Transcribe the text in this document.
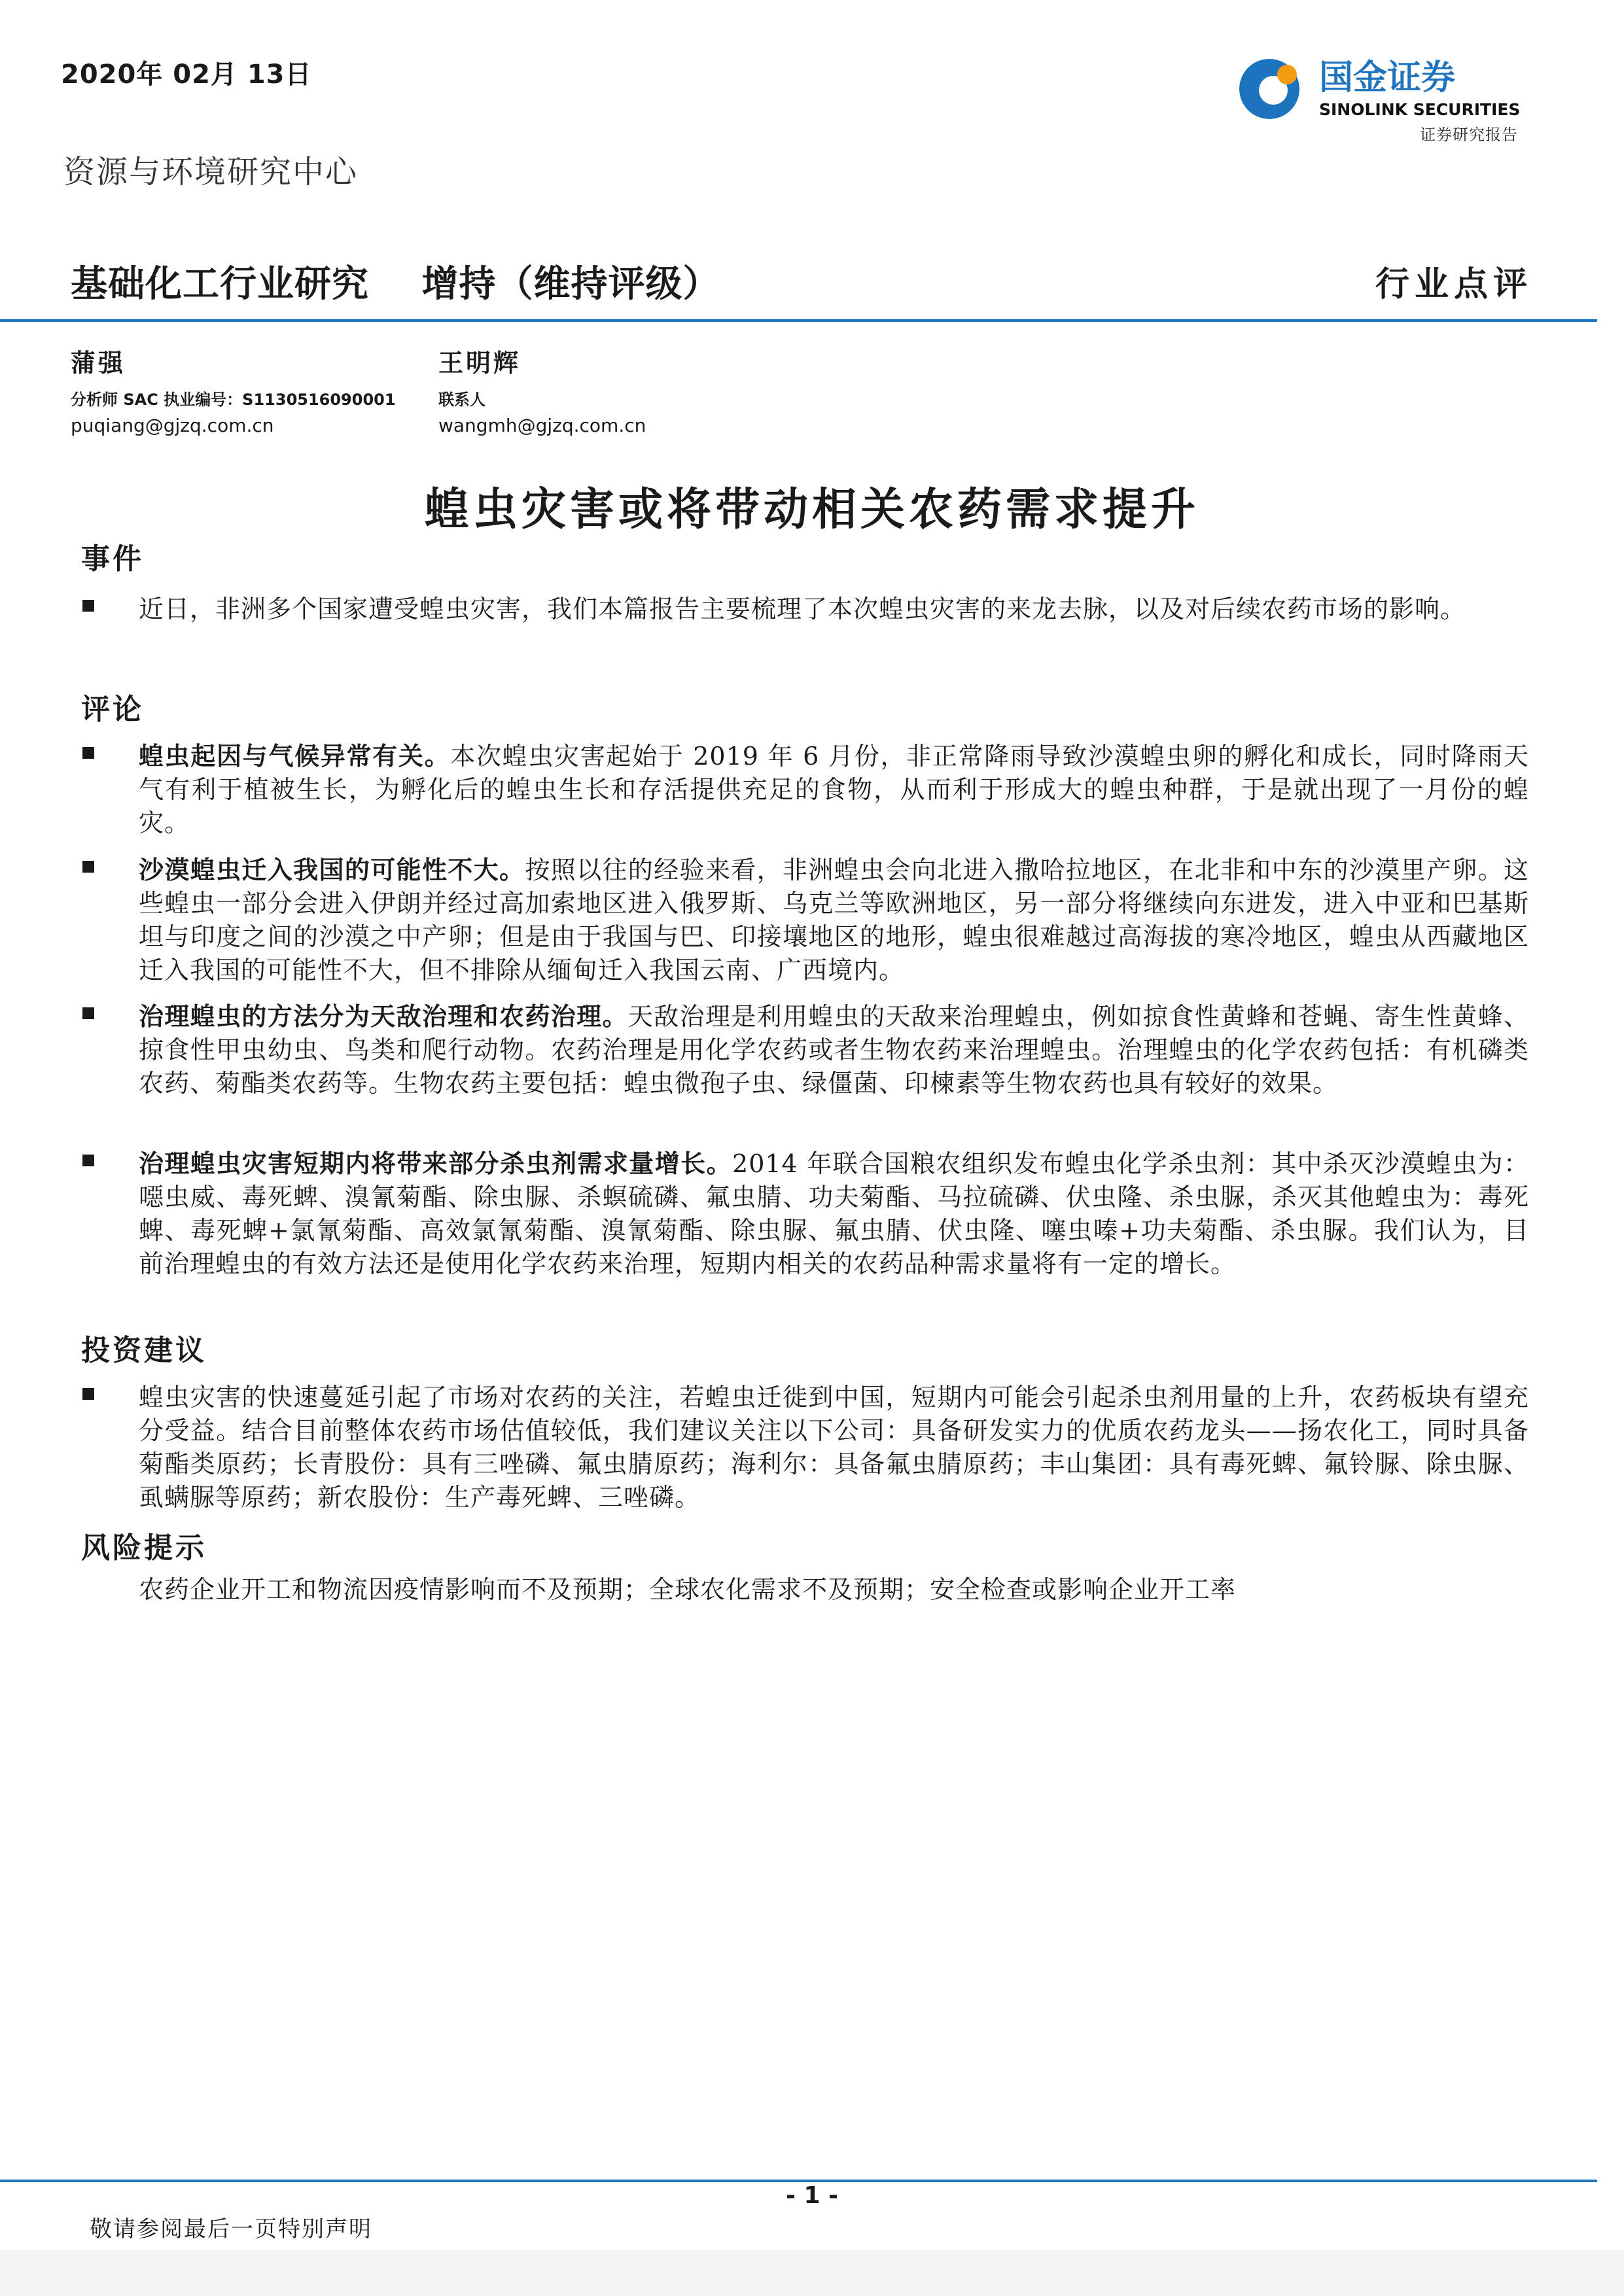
2020年 02月 13日	国金证券
SINOLINK SECURITIES
证券研究报告
资源与环境研究中心
基础化工行业研究 增持（维持评级）	行业点评
蒲强
分析师 SAC 执业编号：S1130516090001
puqiang@gjzq.com.cn
王明辉
联系人
wangmh@gjzq.com.cn
蝗虫灾害或将带动相关农药需求提升
事件
近日，非洲多个国家遭受蝗虫灾害，我们本篇报告主要梳理了本次蝗虫灾害的来龙去脉，以及对后续农药市场的影响。
评论
蝗虫起因与气候异常有关。本次蝗虫灾害起始于 2019 年 6 月份，非正常降雨导致沙漠蝗虫卵的孵化和成长，同时降雨天气有利于植被生长，为孵化后的蝗虫生长和存活提供充足的食物，从而利于形成大的蝗虫种群，于是就出现了一月份的蝗灾。
沙漠蝗虫迁入我国的可能性不大。按照以往的经验来看，非洲蝗虫会向北进入撒哈拉地区，在北非和中东的沙漠里产卵。这些蝗虫一部分会进入伊朗并经过高加索地区进入俄罗斯、乌克兰等欧洲地区，另一部分将继续向东进发，进入中亚和巴基斯坦与印度之间的沙漠之中产卵；但是由于我国与巴、印接壤地区的地形，蝗虫很难越过高海拔的寒冷地区，蝗虫从西藏地区迁入我国的可能性不大，但不排除从缅甸迁入我国云南、广西境内。
治理蝗虫的方法分为天敌治理和农药治理。天敌治理是利用蝗虫的天敌来治理蝗虫，例如掠食性黄蜂和苍蝇、寄生性黄蜂、掠食性甲虫幼虫、鸟类和爬行动物。农药治理是用化学农药或者生物农药来治理蝗虫。治理蝗虫的化学农药包括：有机磷类农药、菊酯类农药等。生物农药主要包括：蝗虫微孢子虫、绿僵菌、印楝素等生物农药也具有较好的效果。
治理蝗虫灾害短期内将带来部分杀虫剂需求量增长。2014 年联合国粮农组织发布蝗虫化学杀虫剂：其中杀灭沙漠蝗虫为：噁虫威、毒死蜱、溴氰菊酯、除虫脲、杀螟硫磷、氟虫腈、功夫菊酯、马拉硫磷、伏虫隆、杀虫脲，杀灭其他蝗虫为：毒死蜱、毒死蜱+氯氰菊酯、高效氯氰菊酯、溴氰菊酯、除虫脲、氟虫腈、伏虫隆、噻虫嗪+功夫菊酯、杀虫脲。我们认为，目前治理蝗虫的有效方法还是使用化学农药来治理，短期内相关的农药品种需求量将有一定的增长。
投资建议
蝗虫灾害的快速蔓延引起了市场对农药的关注，若蝗虫迁徙到中国，短期内可能会引起杀虫剂用量的上升，农药板块有望充分受益。结合目前整体农药市场估值较低，我们建议关注以下公司：具备研发实力的优质农药龙头——扬农化工，同时具备菊酯类原药；长青股份：具有三唑磷、氟虫腈原药；海利尔：具备氟虫腈原药；丰山集团：具有毒死蜱、氟铃脲、除虫脲、虱螨脲等原药；新农股份：生产毒死蜱、三唑磷。
风险提示
农药企业开工和物流因疫情影响而不及预期；全球农化需求不及预期；安全检查或影响企业开工率
- 1 -
敬请参阅最后一页特别声明
